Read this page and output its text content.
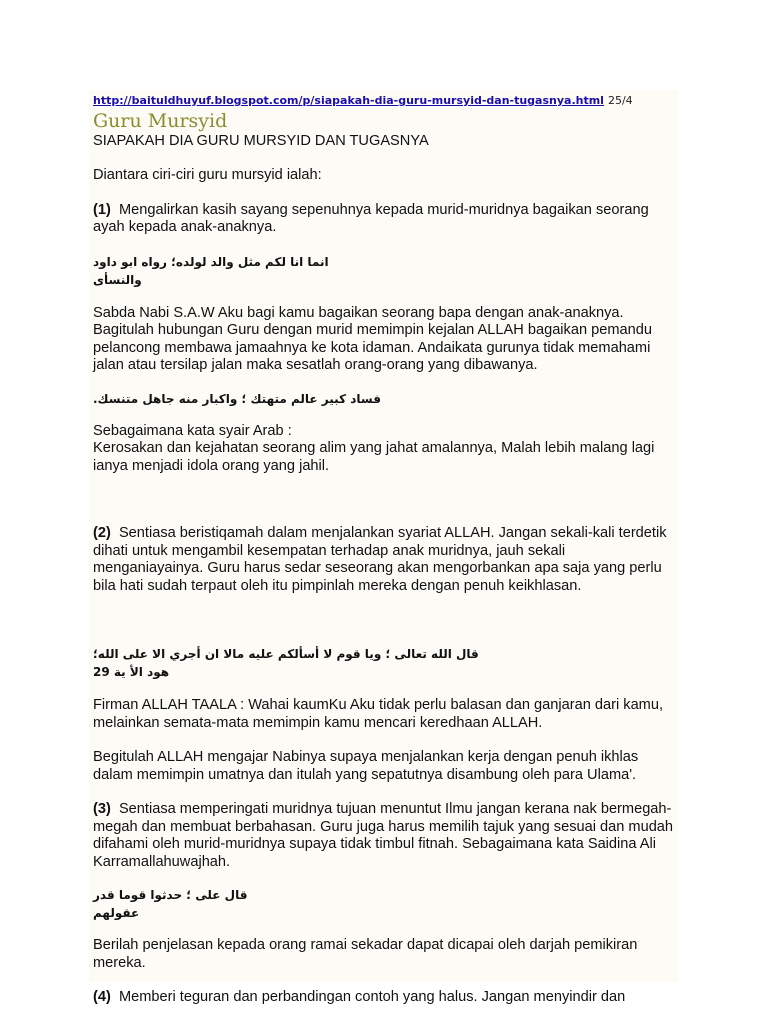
http://baituldhuyuf.blogspot.com/p/siapakah-dia-guru-mursyid-dan-tugasnya.html 25/4
Guru Mursyid

SIAPAKAH DIA GURU MURSYID DAN TUGASNYA

Diantara ciri-ciri guru mursyid ialah:

(1) Mengalirkan kasih sayang sepenuhnya kepada murid-muridnya bagaikan seorang ayah kepada anak-anaknya.

انما انا لكم مثل والد لولده؛ رواه ابو داود والنسأى

Sabda Nabi S.A.W Aku bagi kamu bagaikan seorang bapa dengan anak-anaknya. Bagitulah hubungan Guru dengan murid memimpin kejalan ALLAH bagaikan pemandu pelancong membawa jamaahnya ke kota idaman. Andaikata gurunya tidak memahami jalan atau tersilap jalan maka sesatlah orang-orang yang dibawanya.

فساد كبير عالم متهتك ؛ واكبار منه جاهل متنسك.

Sebagaimana kata syair Arab :

Kerosakan dan kejahatan seorang alim yang jahat amalannya, Malah lebih malang lagi ianya menjadi idola orang yang jahil.

(2) Sentiasa beristiqamah dalam menjalankan syariat ALLAH. Jangan sekali-kali terdetik dihati untuk mengambil kesempatan terhadap anak muridnya, jauh sekali menganiayainya. Guru harus sedar seseorang akan mengorbankan apa saja yang perlu bila hati sudah terpaut oleh itu pimpinlah mereka dengan penuh keikhlasan.

قال الله تعالى ؛ ويا قوم لا أسألكم عليه مالا ان أجري الا على الله؛ هود الأ ية 29

Firman ALLAH TAALA : Wahai kaumKu Aku tidak perlu balasan dan ganjaran dari kamu, melainkan semata-mata memimpin kamu mencari keredhaan ALLAH.

Begitulah ALLAH mengajar Nabinya supaya menjalankan kerja dengan penuh ikhlas dalam memimpin umatnya dan itulah yang sepatutnya disambung oleh para Ulama'.

(3) Sentiasa memperingati muridnya tujuan menuntut Ilmu jangan kerana nak bermegah-megah dan membuat berbahasan. Guru juga harus memilih tajuk yang sesuai dan mudah difahami oleh murid-muridnya supaya tidak timbul fitnah. Sebagaimana kata Saidina Ali Karramallahuwajhah.

قال على ؛ حدثوا قوما قدر عقولهم

Berilah penjelasan kepada orang ramai sekadar dapat dicapai oleh darjah pemikiran mereka.

(4) Memberi teguran dan perbandingan contoh yang halus. Jangan menyindir dan
